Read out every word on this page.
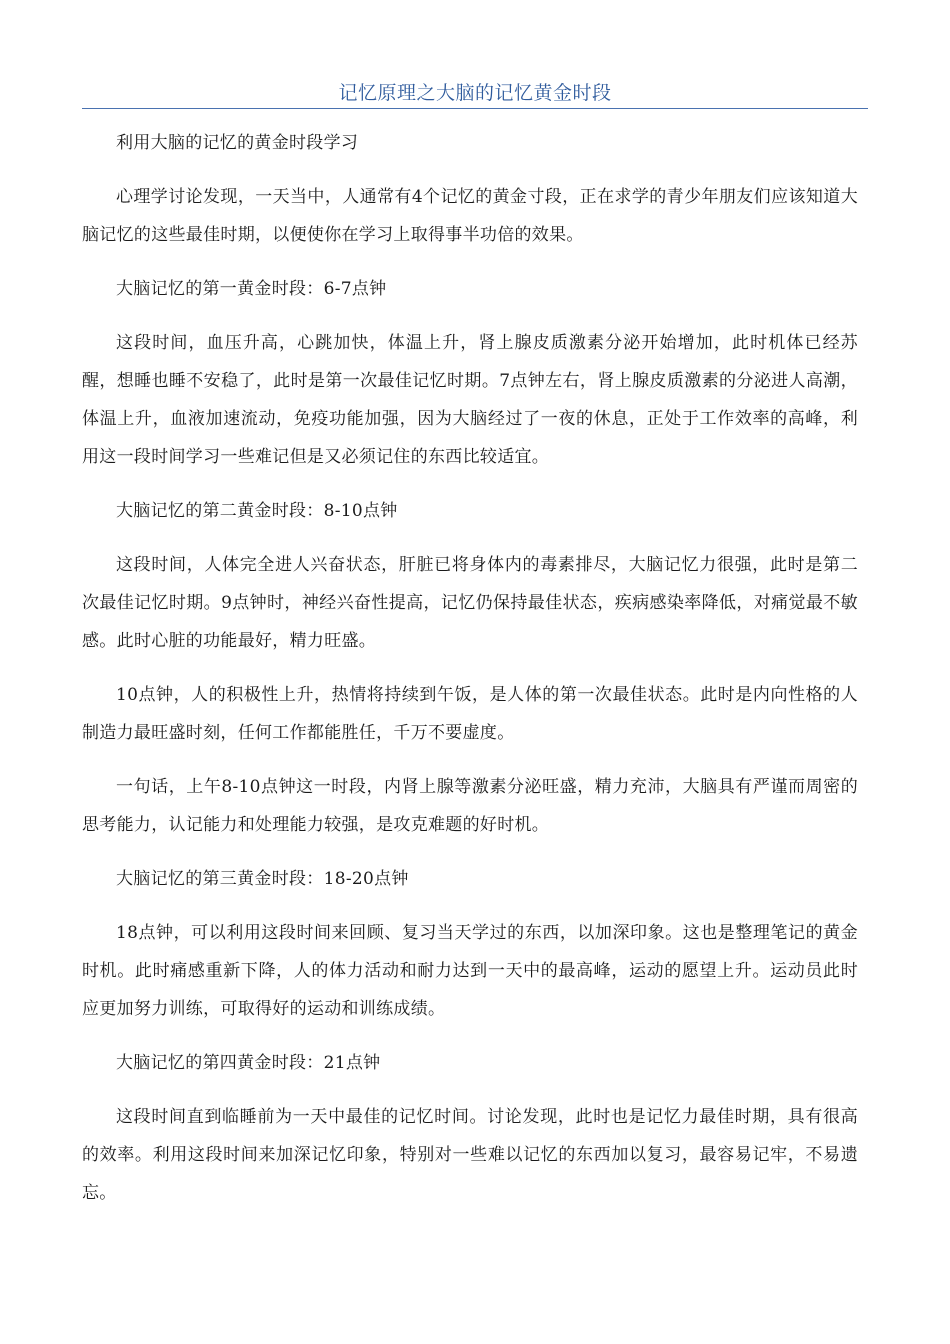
记忆原理之大脑的记忆黄金时段

利用大脑的记忆的黄金时段学习

心理学讨论发现，一天当中，人通常有4个记忆的黄金寸段，正在求学的青少年朋友们应该知道大脑记忆的这些最佳时期，以便使你在学习上取得事半功倍的效果。

大脑记忆的第一黄金时段：6-7点钟

这段时间，血压升高，心跳加快，体温上升，肾上腺皮质激素分泌开始增加，此时机体已经苏醒，想睡也睡不安稳了，此时是第一次最佳记忆时期。7点钟左右，肾上腺皮质激素的分泌进人高潮，体温上升，血液加速流动，免疫功能加强，因为大脑经过了一夜的休息，正处于工作效率的高峰，利用这一段时间学习一些难记但是又必须记住的东西比较适宜。

大脑记忆的第二黄金时段：8-10点钟

这段时间，人体完全进人兴奋状态，肝脏已将身体内的毒素排尽，大脑记忆力很强，此时是第二次最佳记忆时期。9点钟时，神经兴奋性提高，记忆仍保持最佳状态，疾病感染率降低，对痛觉最不敏感。此时心脏的功能最好，精力旺盛。

10点钟，人的积极性上升，热情将持续到午饭，是人体的第一次最佳状态。此时是内向性格的人制造力最旺盛时刻，任何工作都能胜任，千万不要虚度。

一句话，上午8-10点钟这一时段，内肾上腺等激素分泌旺盛，精力充沛，大脑具有严谨而周密的思考能力，认记能力和处理能力较强，是攻克难题的好时机。

大脑记忆的第三黄金时段：18-20点钟

18点钟，可以利用这段时间来回顾、复习当天学过的东西，以加深印象。这也是整理笔记的黄金时机。此时痛感重新下降，人的体力活动和耐力达到一天中的最高峰，运动的愿望上升。运动员此时应更加努力训练，可取得好的运动和训练成绩。

大脑记忆的第四黄金时段：21点钟

这段时间直到临睡前为一天中最佳的记忆时间。讨论发现，此时也是记忆力最佳时期，具有很高的效率。利用这段时间来加深记忆印象，特别对一些难以记忆的东西加以复习，最容易记牢，不易遗忘。
